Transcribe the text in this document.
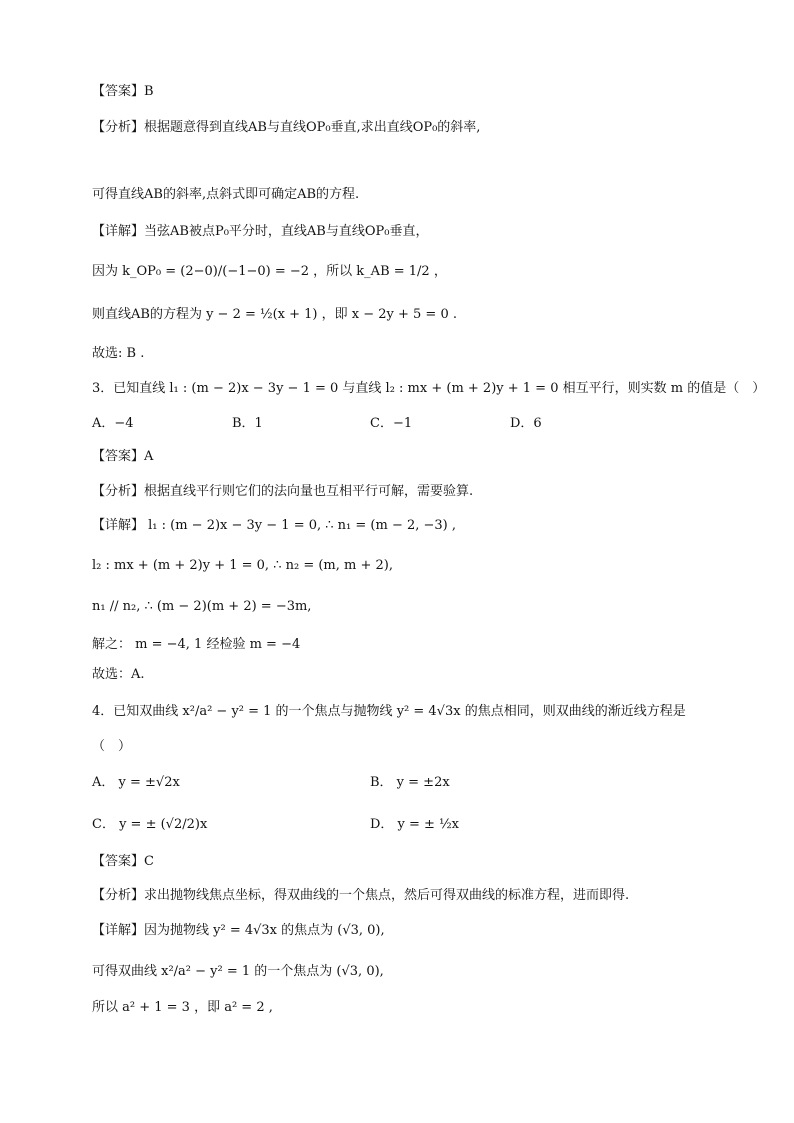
【答案】B
【分析】根据题意得到直线AB与直线OP₀垂直,求出直线OP₀的斜率,
可得直线AB的斜率,点斜式即可确定AB的方程.
【详解】当弦AB被点P₀平分时，直线AB与直线OP₀垂直，
因为 k_OP₀ = (2−0)/(−1−0) = −2 ，所以 k_AB = 1/2 ，
则直线AB的方程为 y − 2 = ½(x + 1) ，即 x − 2y + 5 = 0 .
故选: B .
3．已知直线 l₁ : (m − 2)x − 3y − 1 = 0 与直线 l₂ : mx + (m + 2)y + 1 = 0 相互平行，则实数 m 的值是（　）
【答案】A
【分析】根据直线平行则它们的法向量也互相平行可解，需要验算.
【详解】 l₁ : (m − 2)x − 3y − 1 = 0, ∴ n₁ = (m − 2, −3) ,
l₂ : mx + (m + 2)y + 1 = 0, ∴ n₂ = (m, m + 2),
n₁ // n₂, ∴ (m − 2)(m + 2) = −3m,
解之： m = −4, 1 经检验 m = −4
故选：A.
4．已知双曲线 x²/a² − y² = 1 的一个焦点与抛物线 y² = 4√3x 的焦点相同，则双曲线的渐近线方程是
（　）
【答案】C
【分析】求出抛物线焦点坐标，得双曲线的一个焦点，然后可得双曲线的标准方程，进而即得.
【详解】因为抛物线 y² = 4√3x 的焦点为 (√3, 0),
可得双曲线 x²/a² − y² = 1 的一个焦点为 (√3, 0),
所以 a² + 1 = 3 ，即 a² = 2 ,
A．−4	B．1	C．−1	D．6
A． y = ±√2x	B． y = ±2x
C． y = ± (√2/2)x	D． y = ± ½x
